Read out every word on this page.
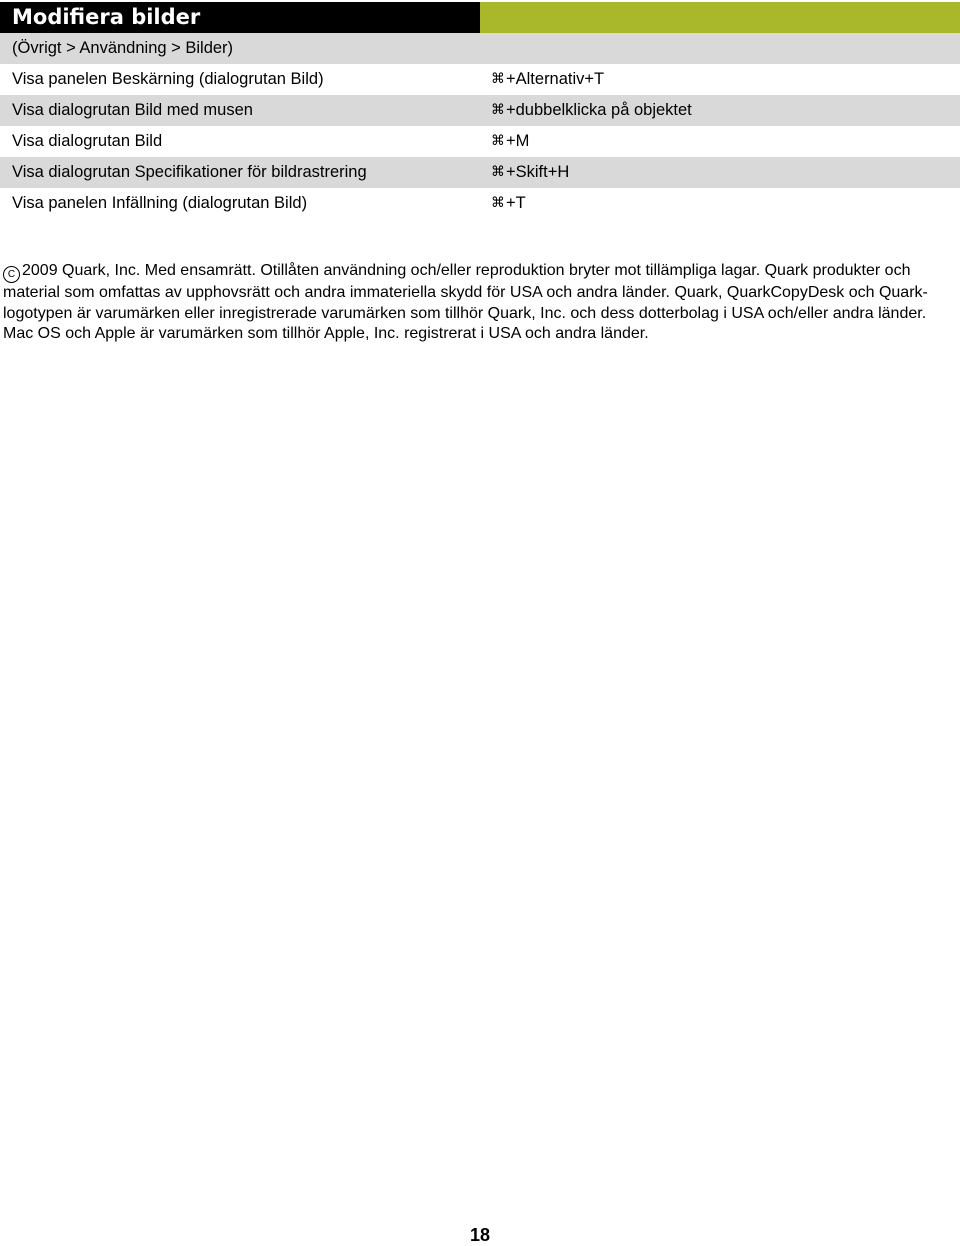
Modifiera bilder
(Övrigt > Användning > Bilder)
Visa panelen Beskärning (dialogrutan Bild)	⌘ +Alternativ+T
Visa dialogrutan Bild med musen	⌘ +dubbelklicka på objektet
Visa dialogrutan Bild	⌘ +M
Visa dialogrutan Specifikationer för bildrastrering	⌘ +Skift+H
Visa panelen Infällning (dialogrutan Bild)	⌘ +T
C 2009 Quark, Inc. Med ensamrätt. Otillåten användning och/eller reproduktion bryter mot tillämpliga lagar. Quark produkter och material som omfattas av upphovsrätt och andra immateriella skydd för USA och andra länder. Quark, QuarkCopyDesk och Quark-logotypen är varumärken eller inregistrerade varumärken som tillhör Quark, Inc. och dess dotterbolag i USA och/eller andra länder. Mac OS och Apple är varumärken som tillhör Apple, Inc. registrerat i USA och andra länder.
18
